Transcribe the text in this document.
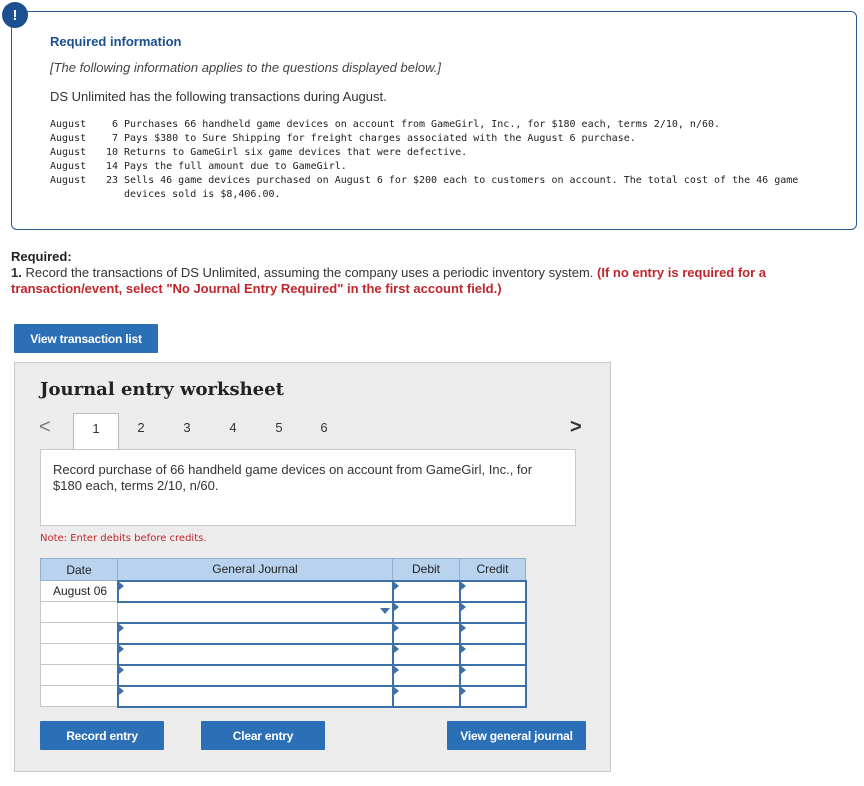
!
Required information
[The following information applies to the questions displayed below.]
DS Unlimited has the following transactions during August.
August	6 Purchases 66 handheld game devices on account from GameGirl, Inc., for $180 each, terms 2/10, n/60.
August	7 Pays $380 to Sure Shipping for freight charges associated with the August 6 purchase.
August	10 Returns to GameGirl six game devices that were defective.
August	14 Pays the full amount due to GameGirl.
August	23 Sells 46 game devices purchased on August 6 for $200 each to customers on account. The total cost of the 46 game devices sold is $8,406.00.
Required:
1. Record the transactions of DS Unlimited, assuming the company uses a periodic inventory system. (If no entry is required for a transaction/event, select "No Journal Entry Required" in the first account field.)
View transaction list
Journal entry worksheet
<	1	2	3	4	5	6	>
Record purchase of 66 handheld game devices on account from GameGirl, Inc., for $180 each, terms 2/10, n/60.
Note: Enter debits before credits.
Date	General Journal	Debit	Credit
August 06			

Record entry	Clear entry	View general journal
